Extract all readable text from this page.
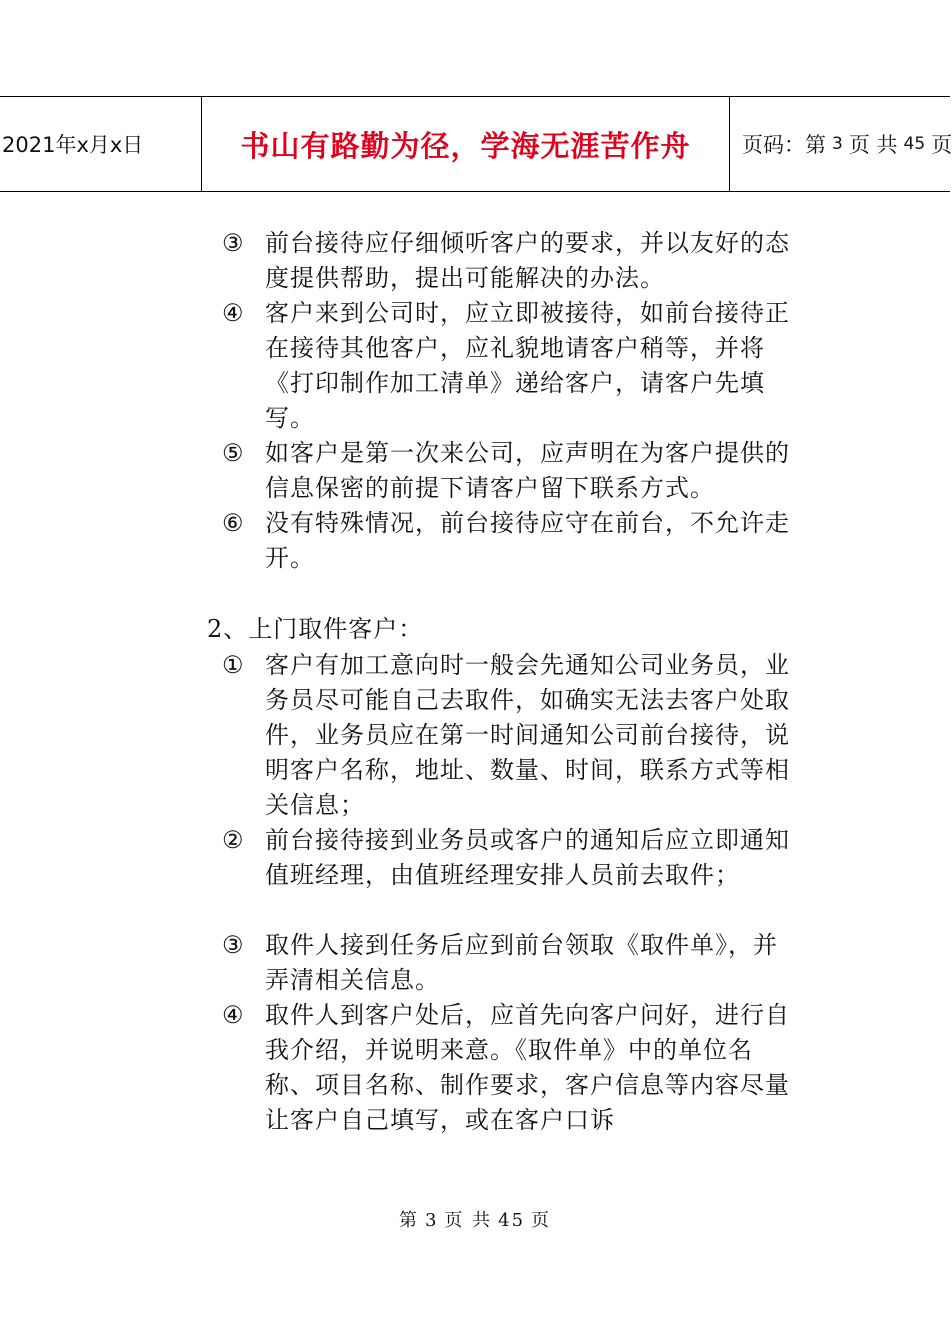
2021年x月x日	书山有路勤为径，学海无涯苦作舟	页码：第 3 页 共 45 页
③ 前台接待应仔细倾听客户的要求，并以友好的态度提供帮助，提出可能解决的办法。
④ 客户来到公司时，应立即被接待，如前台接待正在接待其他客户，应礼貌地请客户稍等，并将《打印制作加工清单》递给客户，请客户先填写。
⑤ 如客户是第一次来公司，应声明在为客户提供的信息保密的前提下请客户留下联系方式。
⑥ 没有特殊情况，前台接待应守在前台，不允许走开。
2、上门取件客户：
① 客户有加工意向时一般会先通知公司业务员，业务员尽可能自己去取件，如确实无法去客户处取件，业务员应在第一时间通知公司前台接待，说明客户名称，地址、数量、时间，联系方式等相关信息；
② 前台接待接到业务员或客户的通知后应立即通知值班经理，由值班经理安排人员前去取件；
③ 取件人接到任务后应到前台领取《取件单》，并弄清相关信息。
④ 取件人到客户处后，应首先向客户问好，进行自我介绍，并说明来意。《取件单》中的单位名称、项目名称、制作要求，客户信息等内容尽量让客户自己填写，或在客户口诉
第 3 页 共 45 页
